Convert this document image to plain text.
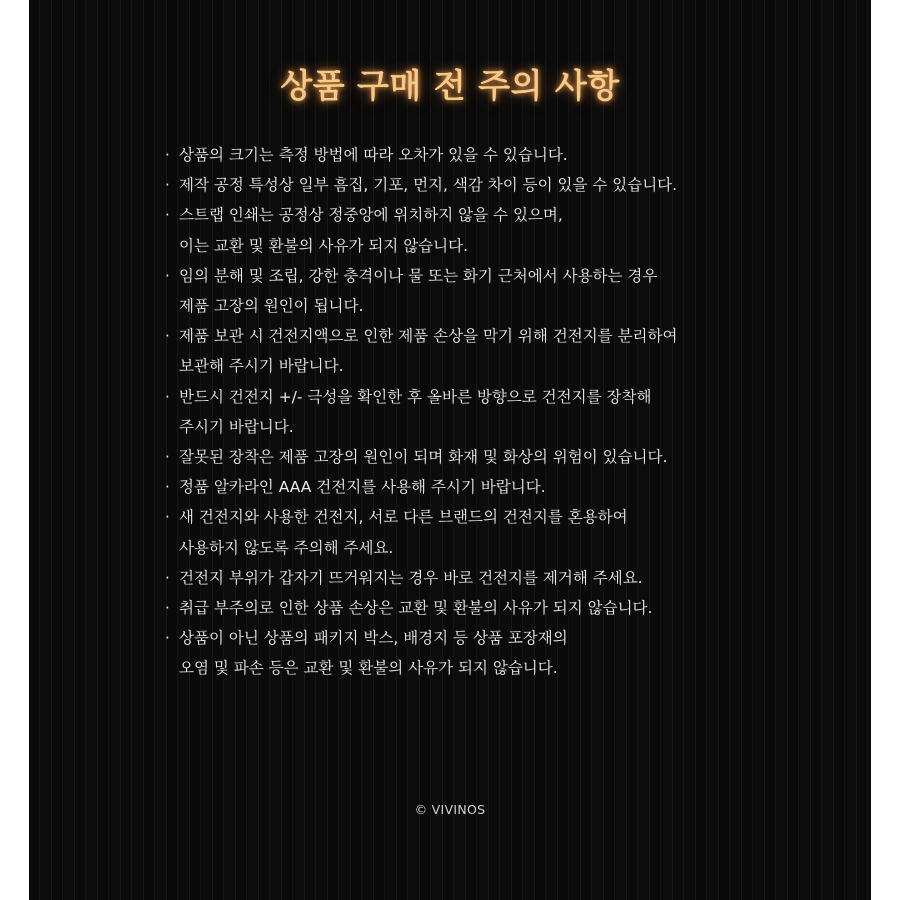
상품 구매 전 주의 사항
· 상품의 크기는 측정 방법에 따라 오차가 있을 수 있습니다.
· 제작 공정 특성상 일부 흠집, 기포, 먼지, 색감 차이 등이 있을 수 있습니다.
· 스트랩 인쇄는 공정상 정중앙에 위치하지 않을 수 있으며,
이는 교환 및 환불의 사유가 되지 않습니다.
· 임의 분해 및 조립, 강한 충격이나 물 또는 화기 근처에서 사용하는 경우
제품 고장의 원인이 됩니다.
· 제품 보관 시 건전지액으로 인한 제품 손상을 막기 위해 건전지를 분리하여
보관해 주시기 바랍니다.
· 반드시 건전지 +/- 극성을 확인한 후 올바른 방향으로 건전지를 장착해
주시기 바랍니다.
· 잘못된 장착은 제품 고장의 원인이 되며 화재 및 화상의 위험이 있습니다.
· 정품 알카라인 AAA 건전지를 사용해 주시기 바랍니다.
· 새 건전지와 사용한 건전지, 서로 다른 브랜드의 건전지를 혼용하여
사용하지 않도록 주의해 주세요.
· 건전지 부위가 갑자기 뜨거워지는 경우 바로 건전지를 제거해 주세요.
· 취급 부주의로 인한 상품 손상은 교환 및 환불의 사유가 되지 않습니다.
· 상품이 아닌 상품의 패키지 박스, 배경지 등 상품 포장재의
오염 및 파손 등은 교환 및 환불의 사유가 되지 않습니다.
© VIVINOS
